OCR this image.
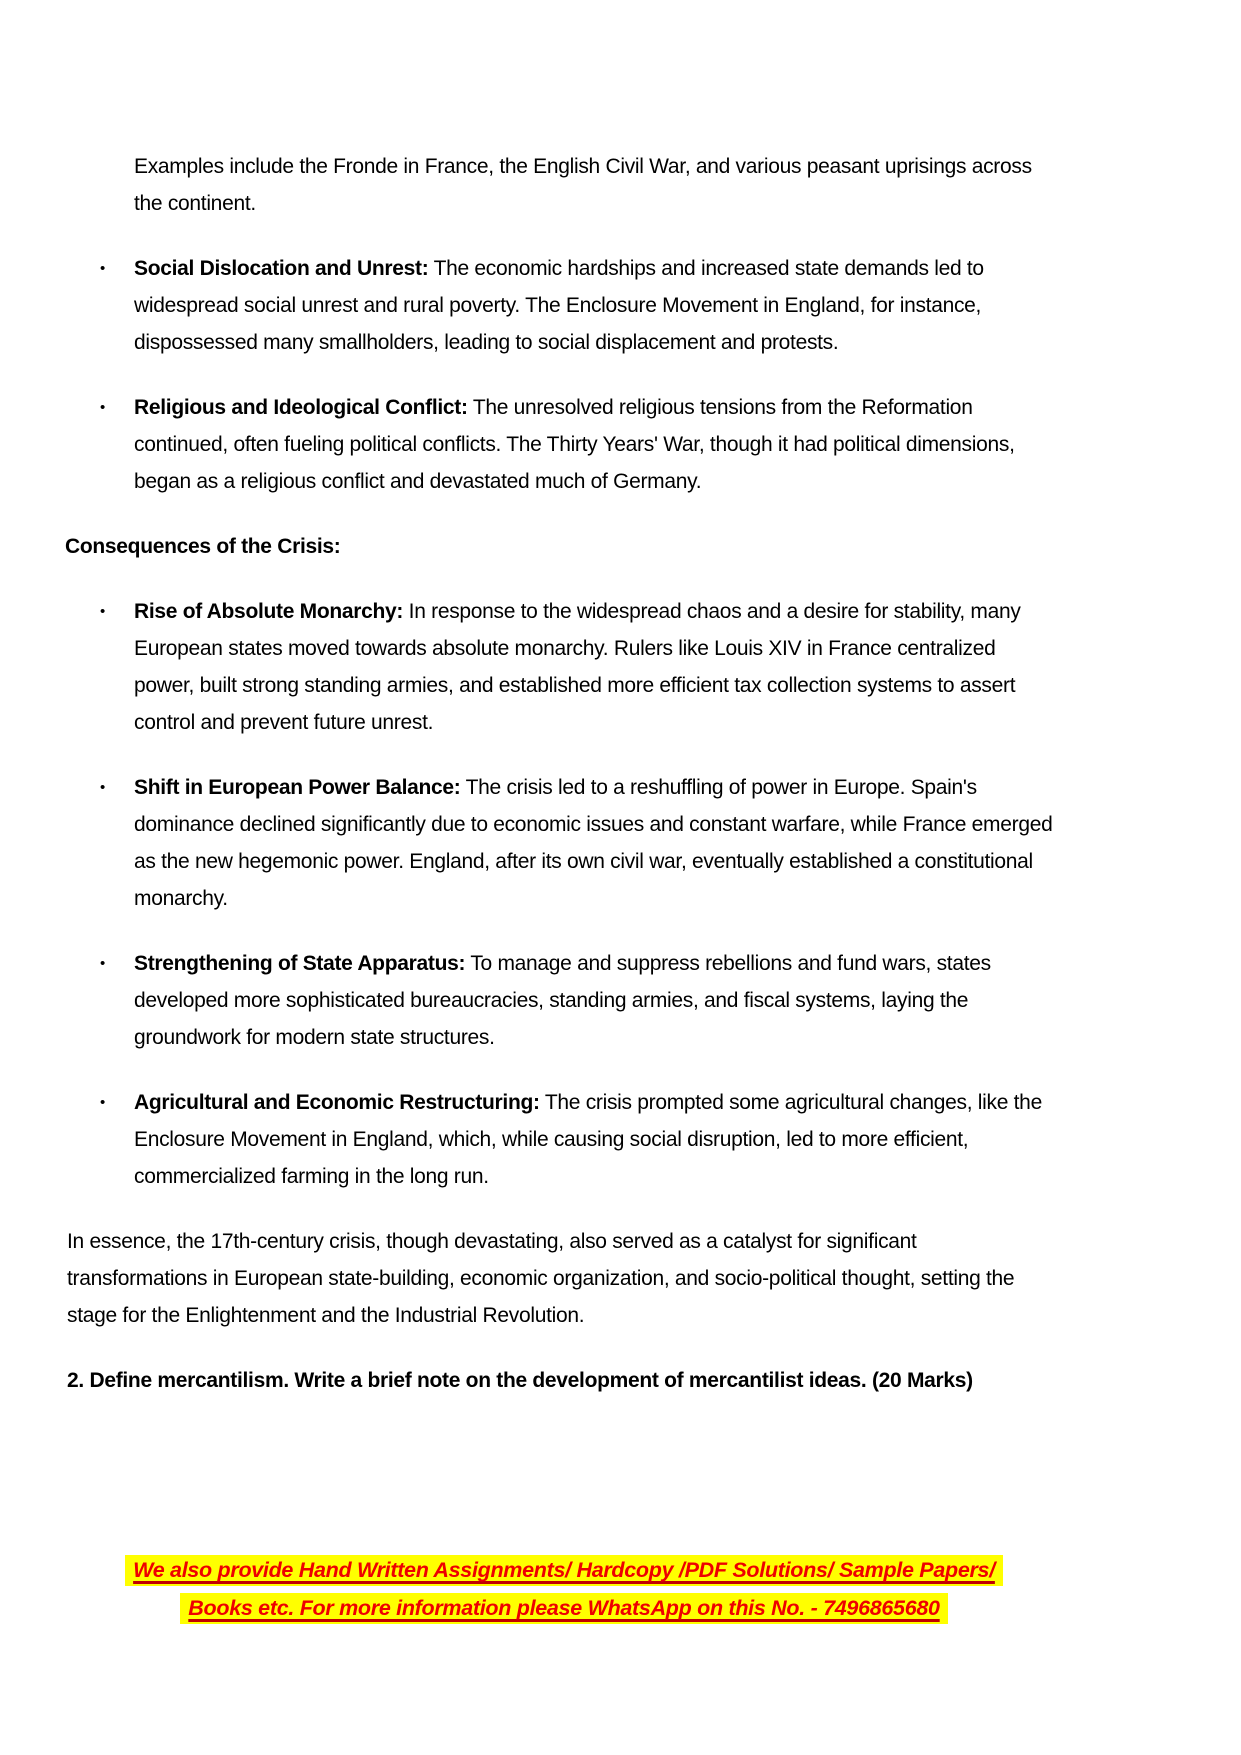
Examples include the Fronde in France, the English Civil War, and various peasant uprisings across the continent.
• Social Dislocation and Unrest: The economic hardships and increased state demands led to widespread social unrest and rural poverty. The Enclosure Movement in England, for instance, dispossessed many smallholders, leading to social displacement and protests.
• Religious and Ideological Conflict: The unresolved religious tensions from the Reformation continued, often fueling political conflicts. The Thirty Years' War, though it had political dimensions, began as a religious conflict and devastated much of Germany.
Consequences of the Crisis:
• Rise of Absolute Monarchy: In response to the widespread chaos and a desire for stability, many European states moved towards absolute monarchy. Rulers like Louis XIV in France centralized power, built strong standing armies, and established more efficient tax collection systems to assert control and prevent future unrest.
• Shift in European Power Balance: The crisis led to a reshuffling of power in Europe. Spain's dominance declined significantly due to economic issues and constant warfare, while France emerged as the new hegemonic power. England, after its own civil war, eventually established a constitutional monarchy.
• Strengthening of State Apparatus: To manage and suppress rebellions and fund wars, states developed more sophisticated bureaucracies, standing armies, and fiscal systems, laying the groundwork for modern state structures.
• Agricultural and Economic Restructuring: The crisis prompted some agricultural changes, like the Enclosure Movement in England, which, while causing social disruption, led to more efficient, commercialized farming in the long run.
In essence, the 17th-century crisis, though devastating, also served as a catalyst for significant transformations in European state-building, economic organization, and socio-political thought, setting the stage for the Enlightenment and the Industrial Revolution.
2. Define mercantilism. Write a brief note on the development of mercantilist ideas. (20 Marks)
We also provide Hand Written Assignments/ Hardcopy /PDF Solutions/ Sample Papers/
Books etc. For more information please WhatsApp on this No. - 7496865680
